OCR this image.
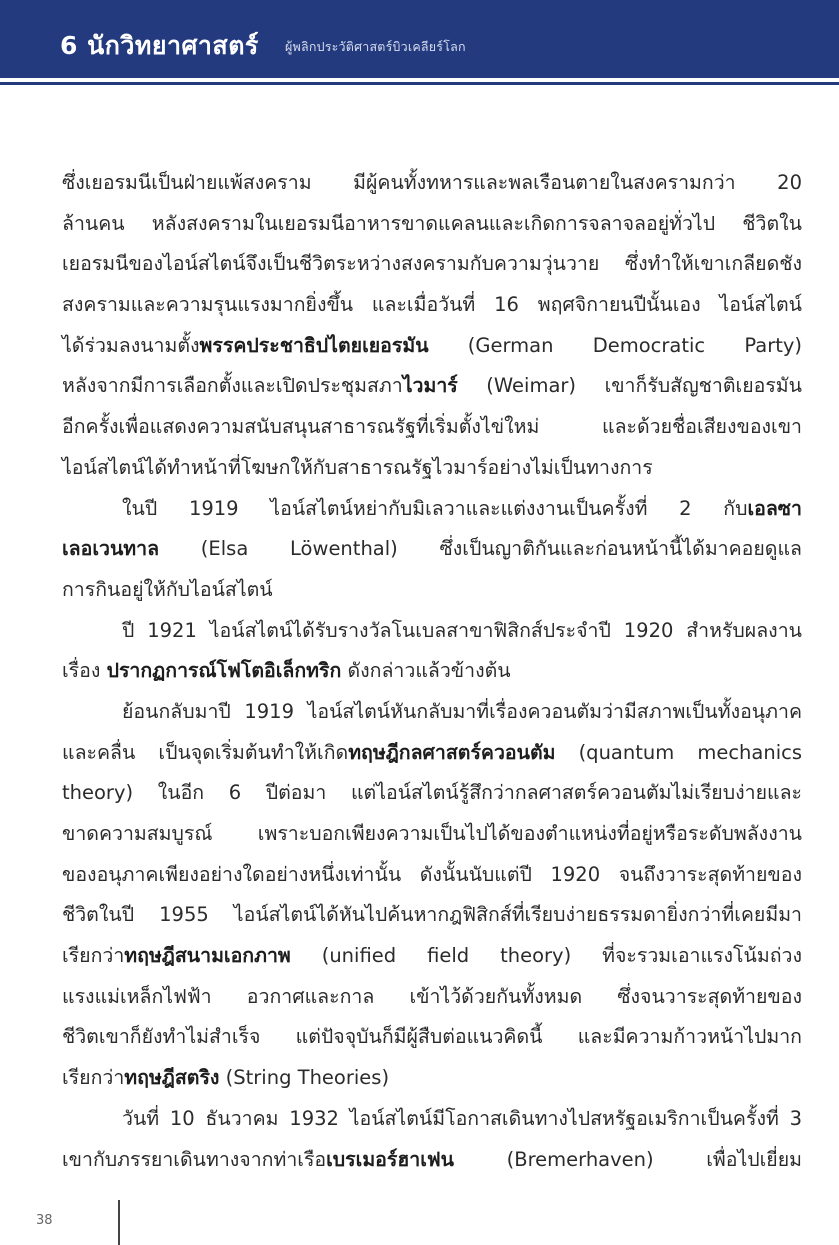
6 นักวิทยาศาสตร์ ผู้พลิกประวัติศาสตร์บิวเคลียร์โลก
ซึ่งเยอรมนีเป็นฝ่ายแพ้สงคราม มีผู้คนทั้งทหารและพลเรือนตายในสงครามกว่า 20
ล้านคน หลังสงครามในเยอรมนีอาหารขาดแคลนและเกิดการจลาจลอยู่ทั่วไป ชีวิตใน
เยอรมนีของไอน์สไตน์จึงเป็นชีวิตระหว่างสงครามกับความวุ่นวาย ซึ่งทำให้เขาเกลียดชัง
สงครามและความรุนแรงมากยิ่งขึ้น และเมื่อวันที่ 16 พฤศจิกายนปีนั้นเอง ไอน์สไตน์
ได้ร่วมลงนามตั้งพรรคประชาธิปไตยเยอรมัน (German Democratic Party)
หลังจากมีการเลือกตั้งและเปิดประชุมสภาไวมาร์ (Weimar) เขาก็รับสัญชาติเยอรมัน
อีกครั้งเพื่อแสดงความสนับสนุนสาธารณรัฐที่เริ่มตั้งไข่ใหม่ และด้วยชื่อเสียงของเขา
ไอน์สไตน์ได้ทำหน้าที่โฆษกให้กับสาธารณรัฐไวมาร์อย่างไม่เป็นทางการ
ในปี 1919 ไอน์สไตน์หย่ากับมิเลวาและแต่งงานเป็นครั้งที่ 2 กับเอลซา
เลอเวนทาล (Elsa Löwenthal) ซึ่งเป็นญาติกันและก่อนหน้านี้ได้มาคอยดูแล
การกินอยู่ให้กับไอน์สไตน์
ปี 1921 ไอน์สไตน์ได้รับรางวัลโนเบลสาขาฟิสิกส์ประจำปี 1920 สำหรับผลงาน
เรื่อง ปรากฏการณ์โฟโตอิเล็กทริก ดังกล่าวแล้วข้างต้น
ย้อนกลับมาปี 1919 ไอน์สไตน์หันกลับมาที่เรื่องควอนตัมว่ามีสภาพเป็นทั้งอนุภาค
และคลื่น เป็นจุดเริ่มต้นทำให้เกิดทฤษฎีกลศาสตร์ควอนตัม (quantum mechanics
theory) ในอีก 6 ปีต่อมา แต่ไอน์สไตน์รู้สึกว่ากลศาสตร์ควอนตัมไม่เรียบง่ายและ
ขาดความสมบูรณ์ เพราะบอกเพียงความเป็นไปได้ของตำแหน่งที่อยู่หรือระดับพลังงาน
ของอนุภาคเพียงอย่างใดอย่างหนึ่งเท่านั้น ดังนั้นนับแต่ปี 1920 จนถึงวาระสุดท้ายของ
ชีวิตในปี 1955 ไอน์สไตน์ได้หันไปค้นหากฎฟิสิกส์ที่เรียบง่ายธรรมดายิ่งกว่าที่เคยมีมา
เรียกว่าทฤษฎีสนามเอกภาพ (unified field theory) ที่จะรวมเอาแรงโน้มถ่วง
แรงแม่เหล็กไฟฟ้า อวกาศและกาล เข้าไว้ด้วยกันทั้งหมด ซึ่งจนวาระสุดท้ายของ
ชีวิตเขาก็ยังทำไม่สำเร็จ แต่ปัจจุบันก็มีผู้สืบต่อแนวคิดนี้ และมีความก้าวหน้าไปมาก
เรียกว่าทฤษฎีสตริง (String Theories)
วันที่ 10 ธันวาคม 1932 ไอน์สไตน์มีโอกาสเดินทางไปสหรัฐอเมริกาเป็นครั้งที่ 3
เขากับภรรยาเดินทางจากท่าเรือเบรเมอร์ฮาเฟน (Bremerhaven) เพื่อไปเยี่ยม
38
